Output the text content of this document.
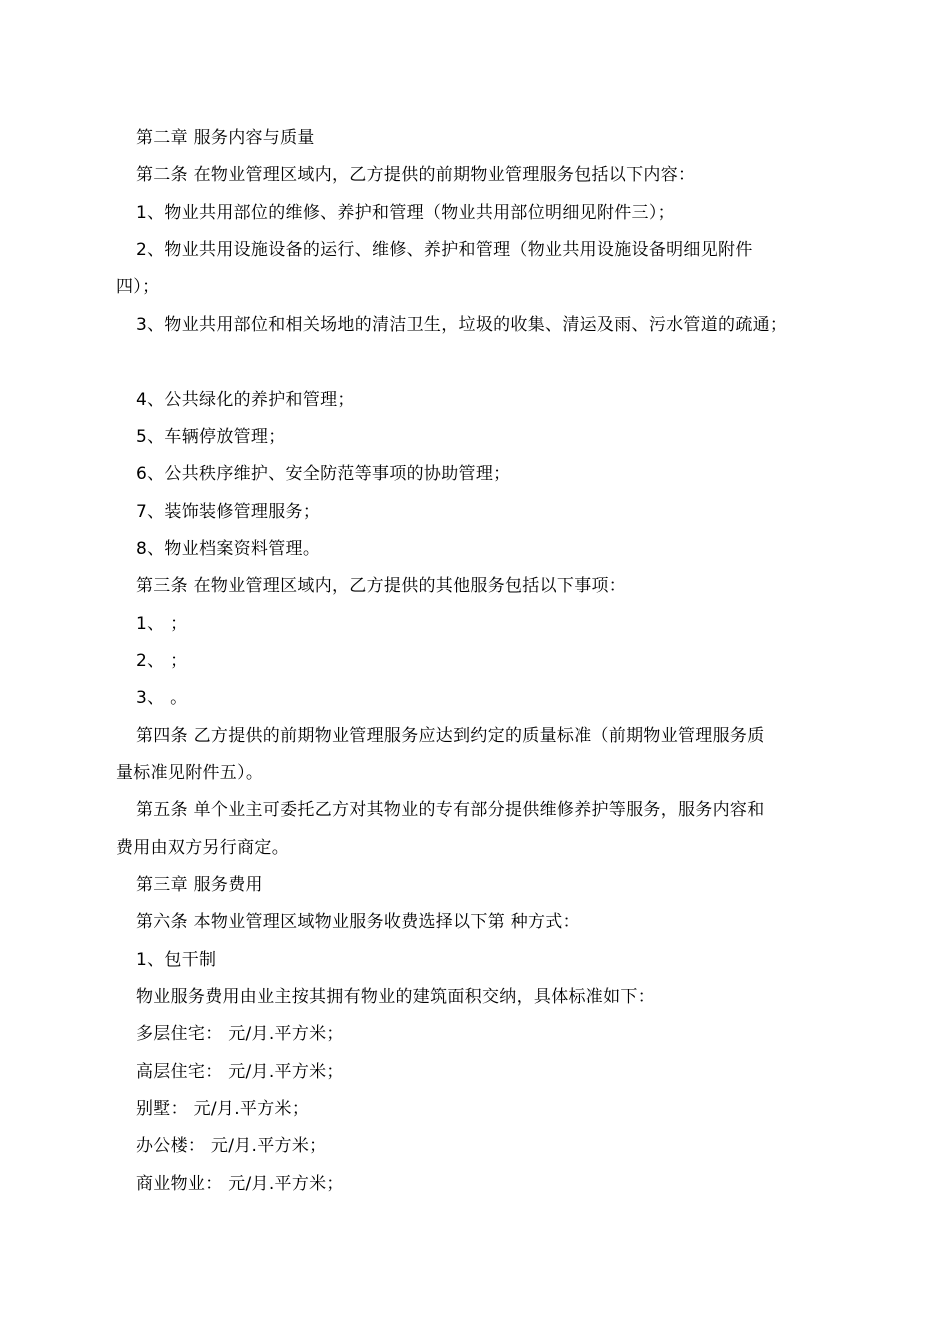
第二章 服务内容与质量
第二条 在物业管理区域内，乙方提供的前期物业管理服务包括以下内容：
1、物业共用部位的维修、养护和管理（物业共用部位明细见附件三）；
2、物业共用设施设备的运行、维修、养护和管理（物业共用设施设备明细见附件
四）；
3、物业共用部位和相关场地的清洁卫生，垃圾的收集、清运及雨、污水管道的疏通；
4、公共绿化的养护和管理；
5、车辆停放管理；
6、公共秩序维护、安全防范等事项的协助管理；
7、装饰装修管理服务；
8、物业档案资料管理。
第三条 在物业管理区域内，乙方提供的其他服务包括以下事项：
1、 ；
2、 ；
3、 。
第四条 乙方提供的前期物业管理服务应达到约定的质量标准（前期物业管理服务质
量标准见附件五）。
第五条 单个业主可委托乙方对其物业的专有部分提供维修养护等服务，服务内容和
费用由双方另行商定。
第三章 服务费用
第六条 本物业管理区域物业服务收费选择以下第 种方式：
1、包干制
物业服务费用由业主按其拥有物业的建筑面积交纳，具体标准如下：
多层住宅： 元/月.平方米；
高层住宅： 元/月.平方米；
别墅： 元/月.平方米；
办公楼： 元/月.平方米；
商业物业： 元/月.平方米；
